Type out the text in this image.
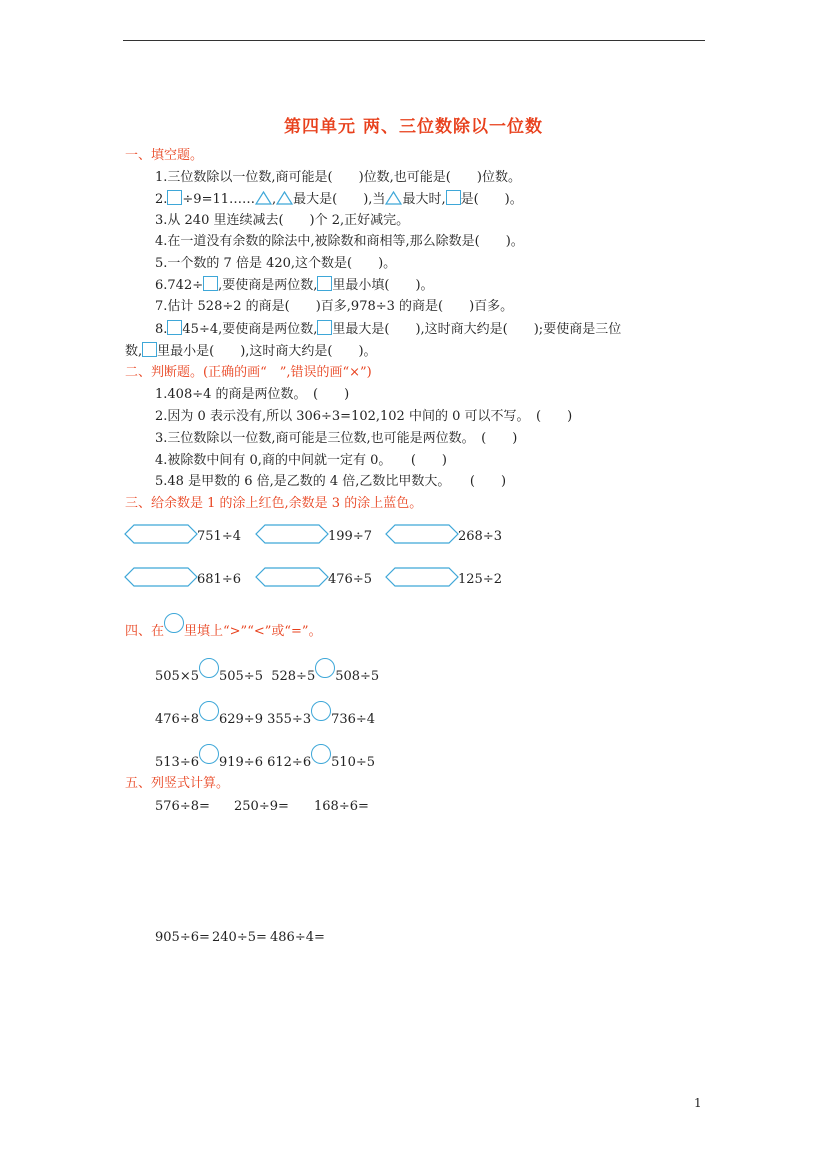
第四单元 两、三位数除以一位数
一、填空题。
1.三位数除以一位数,商可能是(　　)位数,也可能是(　　)位数。
2. ÷9=11…… , 最大是(　　),当 最大时, 是(　　)。
3.从 240 里连续减去(　　)个 2,正好减完。
4.在一道没有余数的除法中,被除数和商相等,那么除数是(　　)。
5.一个数的 7 倍是 420,这个数是(　　)。
6.742÷ ,要使商是两位数, 里最小填(　　)。
7.估计 528÷2 的商是(　　)百多,978÷3 的商是(　　)百多。
8. 45÷4,要使商是两位数, 里最大是(　　),这时商大约是(　　);要使商是三位
数, 里最小是(　　),这时商大约是(　　)。
二、判断题。(正确的画“　”,错误的画“×”)
1.408÷4 的商是两位数。　(　　)
2.因为 0 表示没有,所以 306÷3=102,102 中间的 0 可以不写。　(　　)
3.三位数除以一位数,商可能是三位数,也可能是两位数。　(　　)
4.被除数中间有 0,商的中间就一定有 0。　　(　　)
5.48 是甲数的 6 倍,是乙数的 4 倍,乙数比甲数大。　　(　　)
三、给余数是 1 的涂上红色,余数是 3 的涂上蓝色。
751÷4	199÷7	268÷3
681÷6	476÷5	125÷2
四、在 里填上“>”“<”或“=”。
505×5 505÷5 528÷5 508÷5
476÷8 629÷9 355÷3 736÷4
513÷6 919÷6 612÷6 510÷5
五、列竖式计算。
576÷8= 250÷9= 168÷6=
905÷6= 240÷5= 486÷4=
1
